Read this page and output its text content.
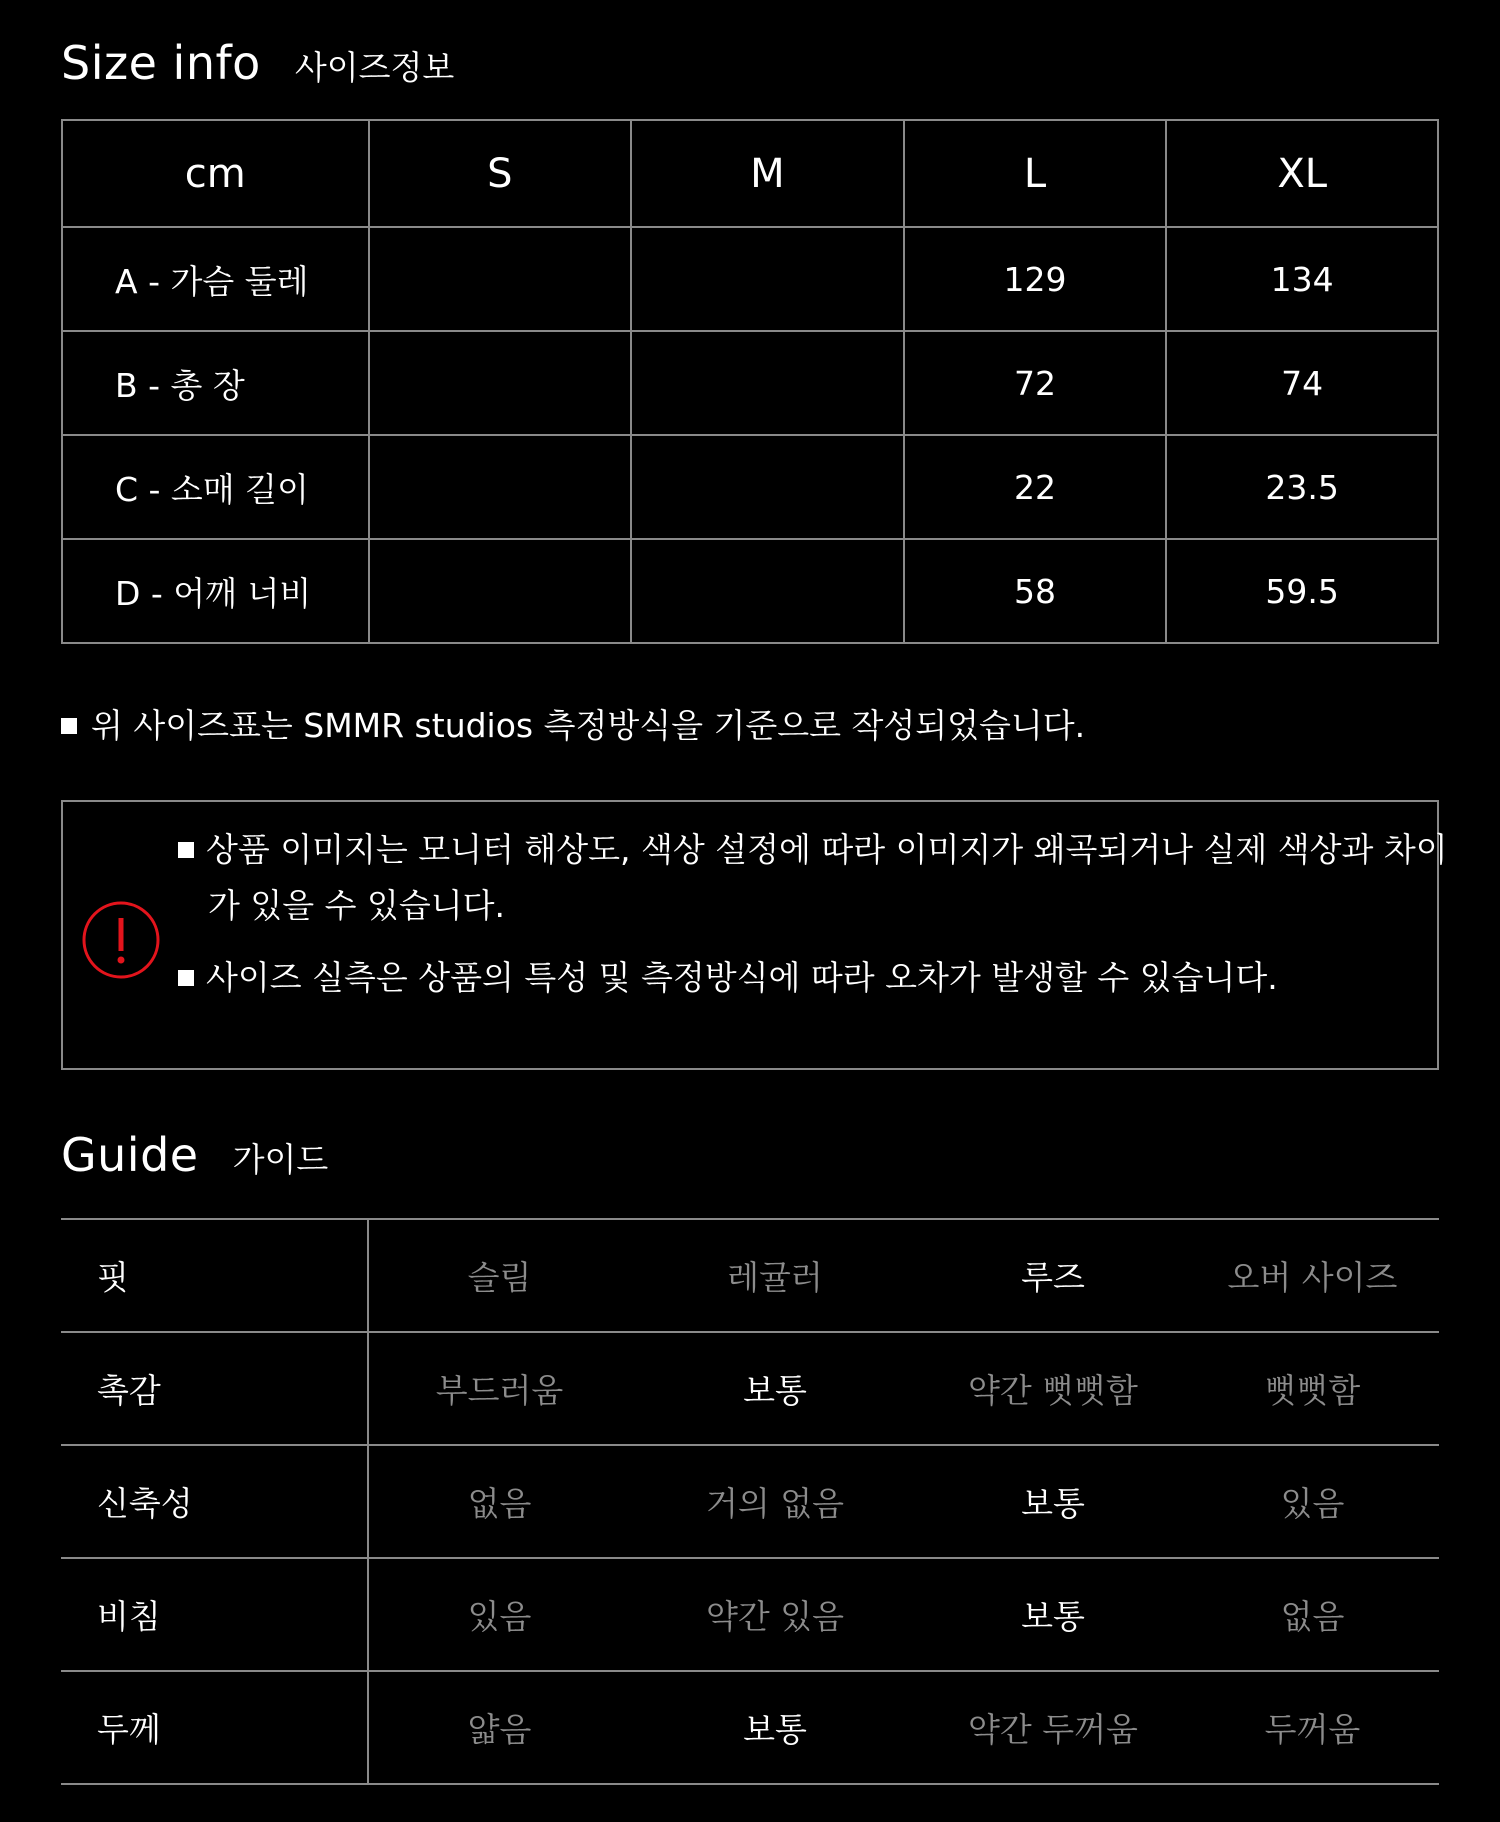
Size info 사이즈정보
cm	S	M	L	XL
A - 가슴 둘레			129	134
B - 총 장			72	74
C - 소매 길이			22	23.5
D - 어깨 너비			58	59.5
위 사이즈표는 SMMR studios 측정방식을 기준으로 작성되었습니다.
상품 이미지는 모니터 해상도, 색상 설정에 따라 이미지가 왜곡되거나 실제 색상과 차이가 있을 수 있습니다.
사이즈 실측은 상품의 특성 및 측정방식에 따라 오차가 발생할 수 있습니다.
Guide 가이드
핏	슬림	레귤러	루즈	오버 사이즈
촉감	부드러움	보통	약간 뻣뻣함	뻣뻣함
신축성	없음	거의 없음	보통	있음
비침	있음	약간 있음	보통	없음
두께	얇음	보통	약간 두꺼움	두꺼움
